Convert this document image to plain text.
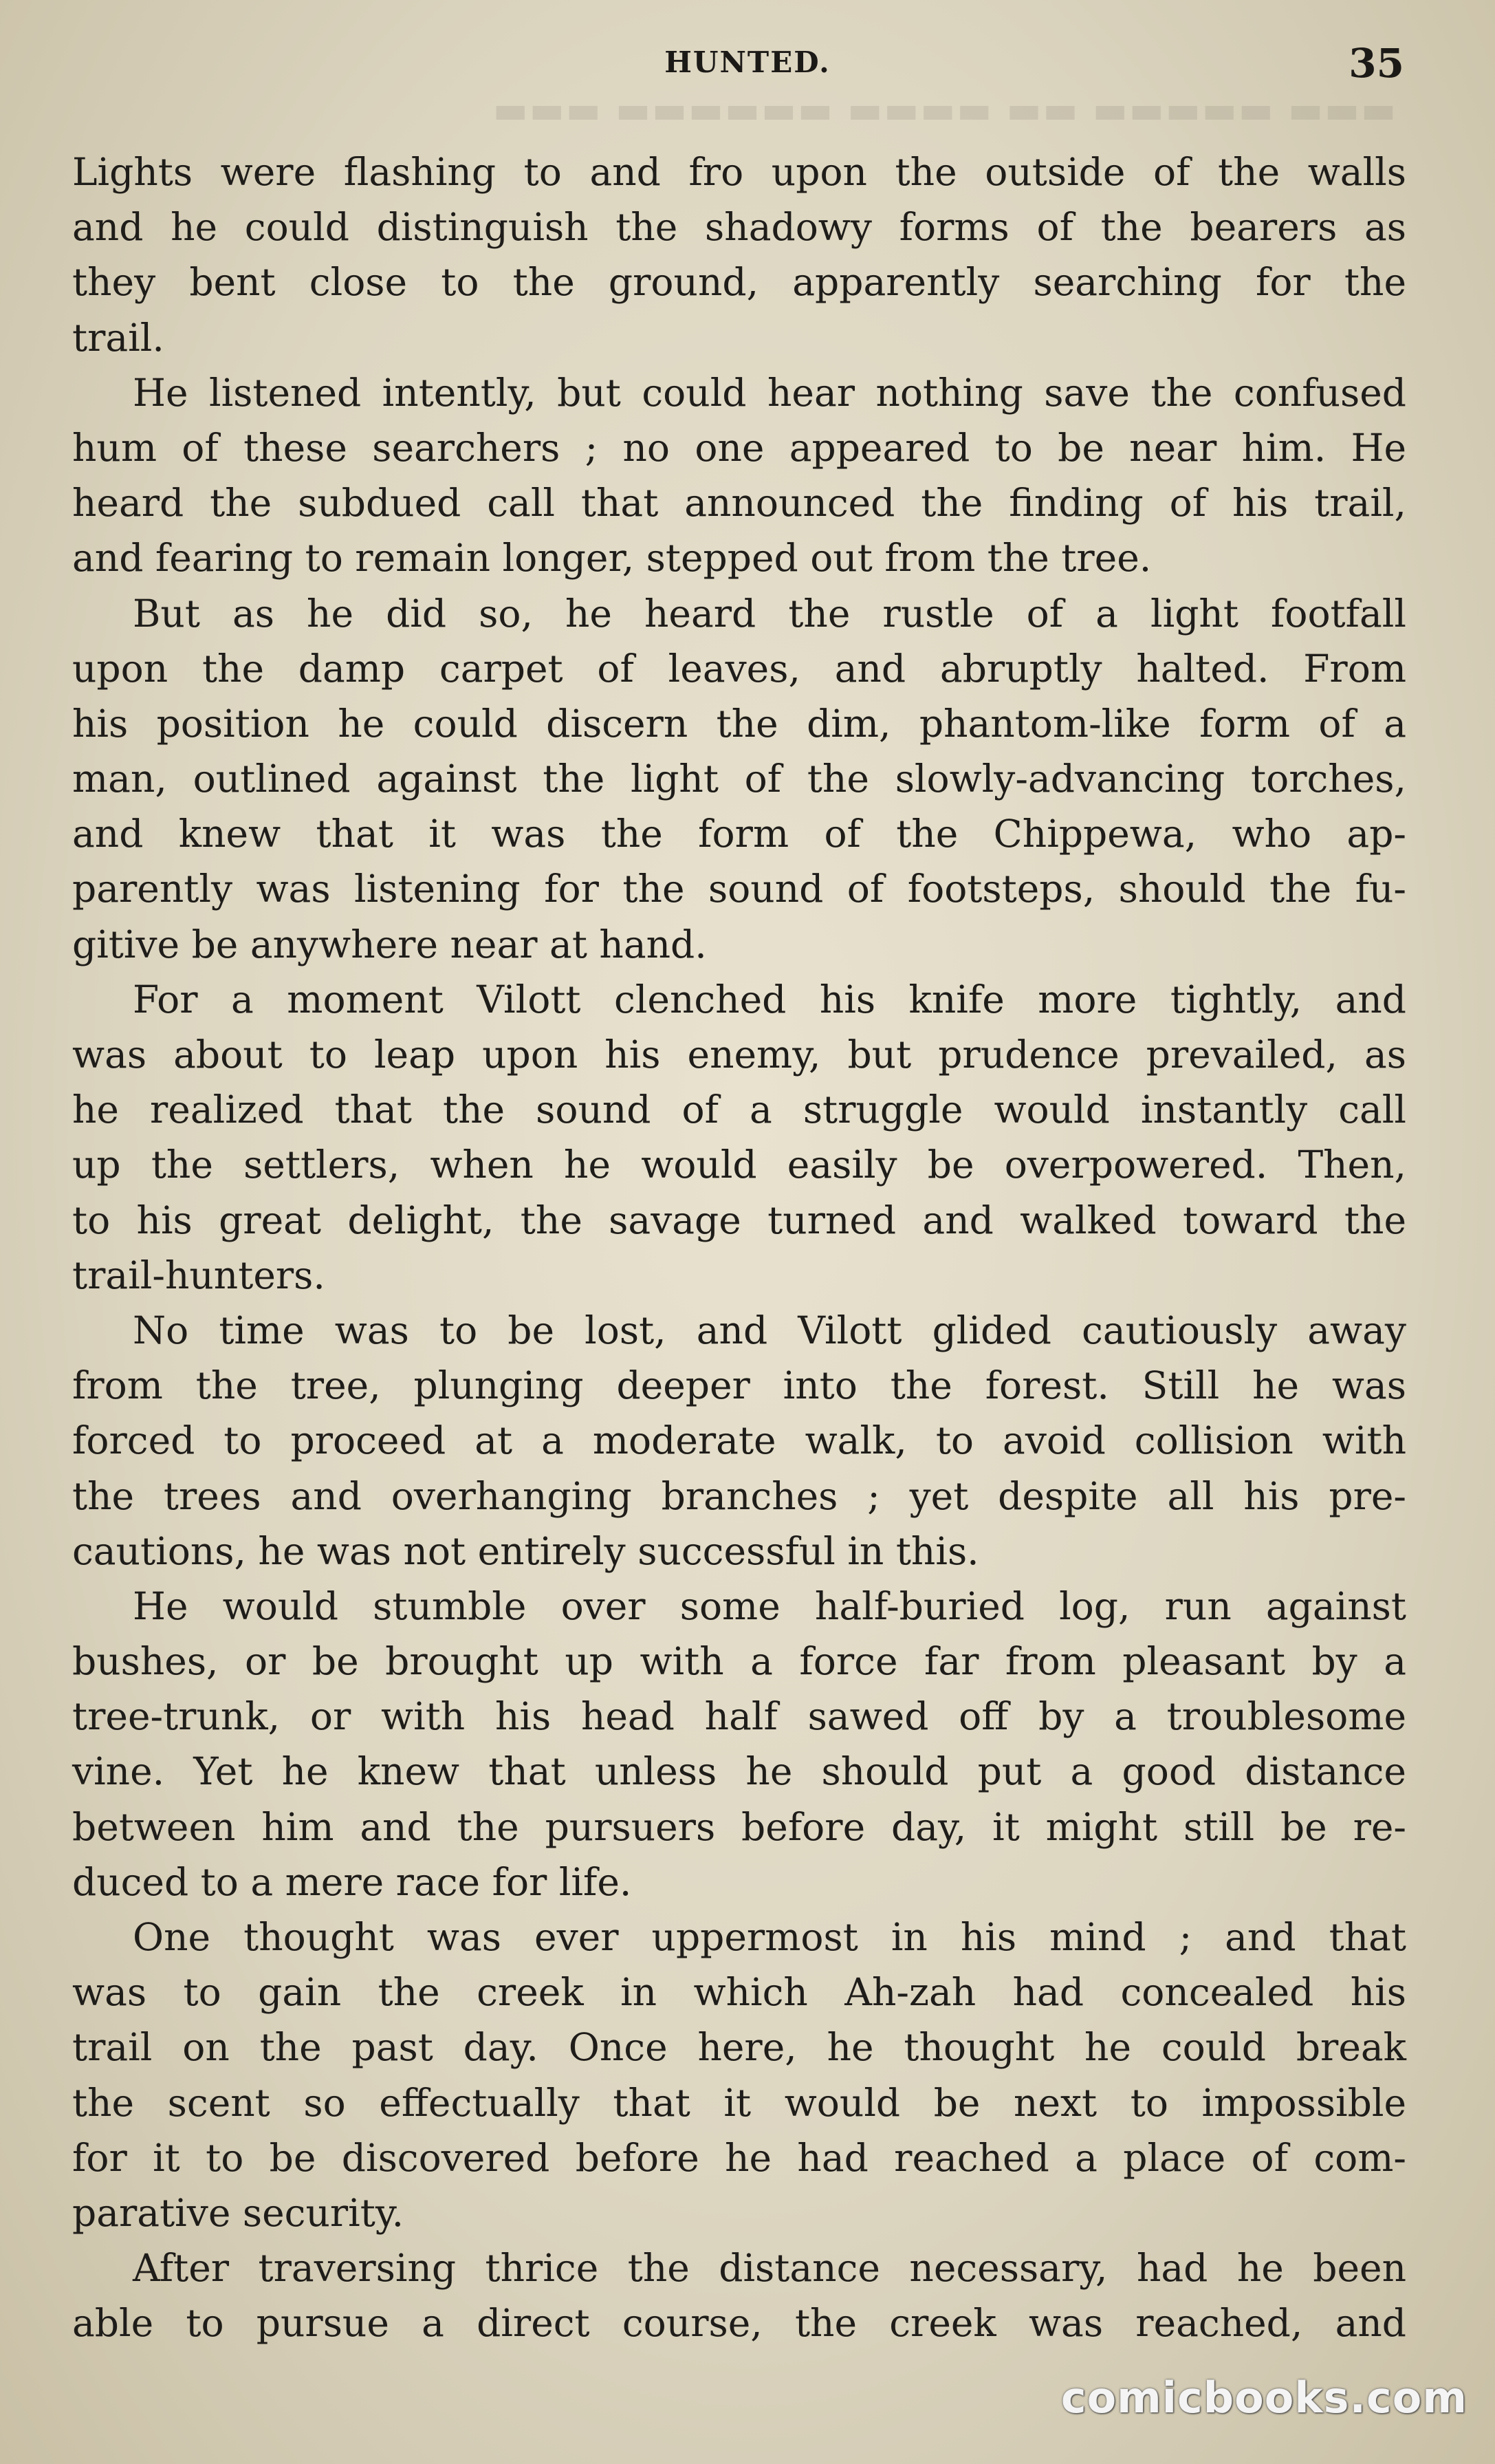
▬▬▬ ▬▬▬▬▬ ▬▬ ▬▬▬▬ ▬▬▬▬▬▬ ▬▬▬
HUNTED.	35
Lights were flashing to and fro upon the outside of the walls
and he could distinguish the shadowy forms of the bearers as
they bent close to the ground, apparently searching for the
trail.
He listened intently, but could hear nothing save the confused
hum of these searchers ; no one appeared to be near him. He
heard the subdued call that announced the finding of his trail,
and fearing to remain longer, stepped out from the tree.
But as he did so, he heard the rustle of a light footfall
upon the damp carpet of leaves, and abruptly halted. From
his position he could discern the dim, phantom-like form of a
man, outlined against the light of the slowly-advancing torches,
and knew that it was the form of the Chippewa, who ap-
parently was listening for the sound of footsteps, should the fu-
gitive be anywhere near at hand.
For a moment Vilott clenched his knife more tightly, and
was about to leap upon his enemy, but prudence prevailed, as
he realized that the sound of a struggle would instantly call
up the settlers, when he would easily be overpowered. Then,
to his great delight, the savage turned and walked toward the
trail-hunters.
No time was to be lost, and Vilott glided cautiously away
from the tree, plunging deeper into the forest. Still he was
forced to proceed at a moderate walk, to avoid collision with
the trees and overhanging branches ; yet despite all his pre-
cautions, he was not entirely successful in this.
He would stumble over some half-buried log, run against
bushes, or be brought up with a force far from pleasant by a
tree-trunk, or with his head half sawed off by a troublesome
vine. Yet he knew that unless he should put a good distance
between him and the pursuers before day, it might still be re-
duced to a mere race for life.
One thought was ever uppermost in his mind ; and that
was to gain the creek in which Ah-zah had concealed his
trail on the past day. Once here, he thought he could break
the scent so effectually that it would be next to impossible
for it to be discovered before he had reached a place of com-
parative security.
After traversing thrice the distance necessary, had he been
able to pursue a direct course, the creek was reached, and
comicbooks.com
